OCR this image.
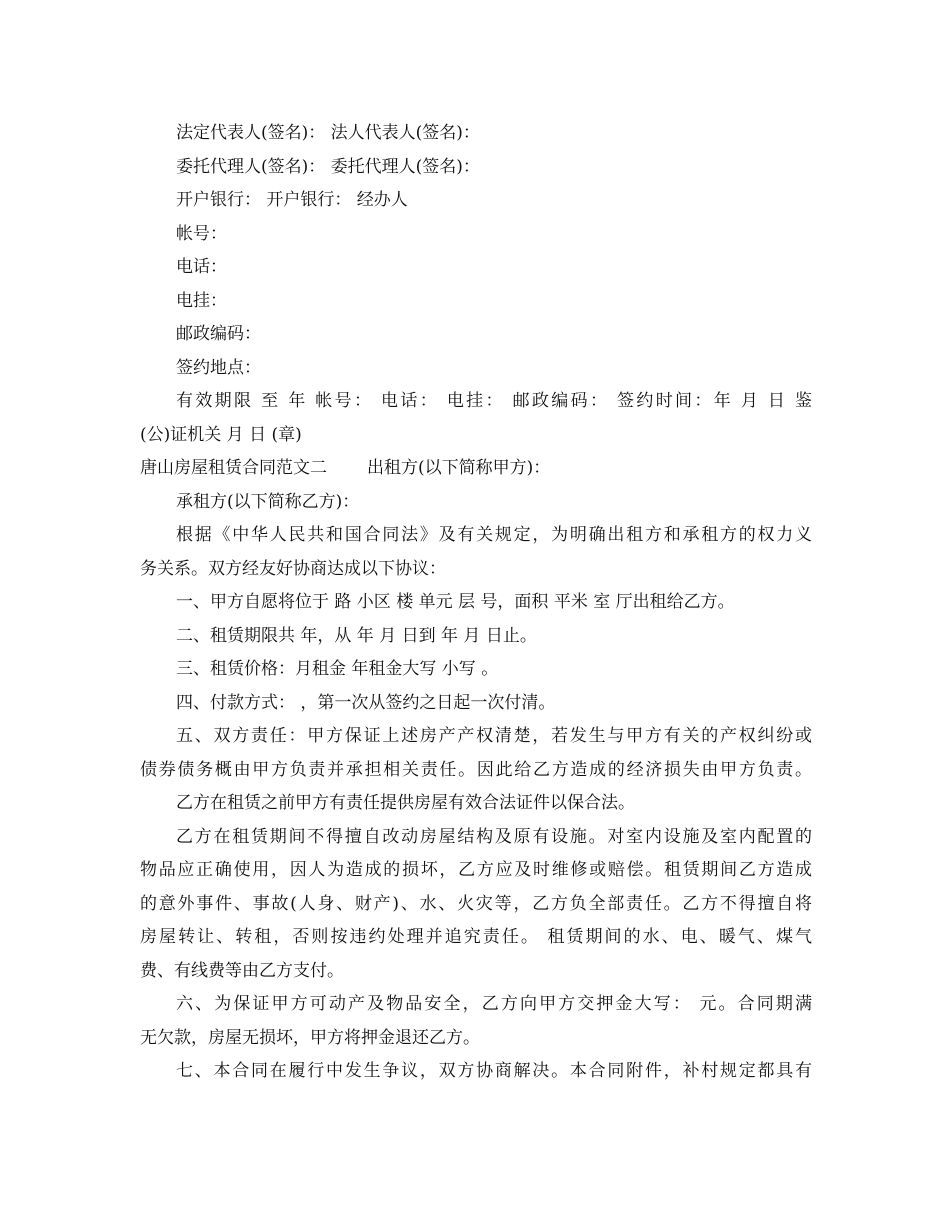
法定代表人(签名)： 法人代表人(签名)：
委托代理人(签名)： 委托代理人(签名)：
开户银行： 开户银行： 经办人
帐号：
电话：
电挂：
邮政编码：
签约地点：
有效期限 至 年 帐号： 电话： 电挂： 邮政编码： 签约时间：年 月 日 鉴
(公)证机关 月 日 (章)
唐山房屋租赁合同范文二 出租方(以下简称甲方)：
承租方(以下简称乙方)：
根据《中华人民共和国合同法》及有关规定，为明确出租方和承租方的权力义
务关系。双方经友好协商达成以下协议：
一、甲方自愿将位于 路 小区 楼 单元 层 号，面积 平米 室 厅出租给乙方。
二、租赁期限共 年，从 年 月 日到 年 月 日止。
三、租赁价格：月租金 年租金大写 小写 。
四、付款方式： ，第一次从签约之日起一次付清。
五、双方责任：甲方保证上述房产产权清楚，若发生与甲方有关的产权纠纷或
债券债务概由甲方负责并承担相关责任。因此给乙方造成的经济损失由甲方负责。
乙方在租赁之前甲方有责任提供房屋有效合法证件以保合法。
乙方在租赁期间不得擅自改动房屋结构及原有设施。对室内设施及室内配置的
物品应正确使用，因人为造成的损坏，乙方应及时维修或赔偿。租赁期间乙方造成
的意外事件、事故(人身、财产)、水、火灾等，乙方负全部责任。乙方不得擅自将
房屋转让、转租，否则按违约处理并追究责任。 租赁期间的水、电、暖气、煤气
费、有线费等由乙方支付。
六、为保证甲方可动产及物品安全，乙方向甲方交押金大写： 元。合同期满
无欠款，房屋无损坏，甲方将押金退还乙方。
七、本合同在履行中发生争议，双方协商解决。本合同附件，补村规定都具有
